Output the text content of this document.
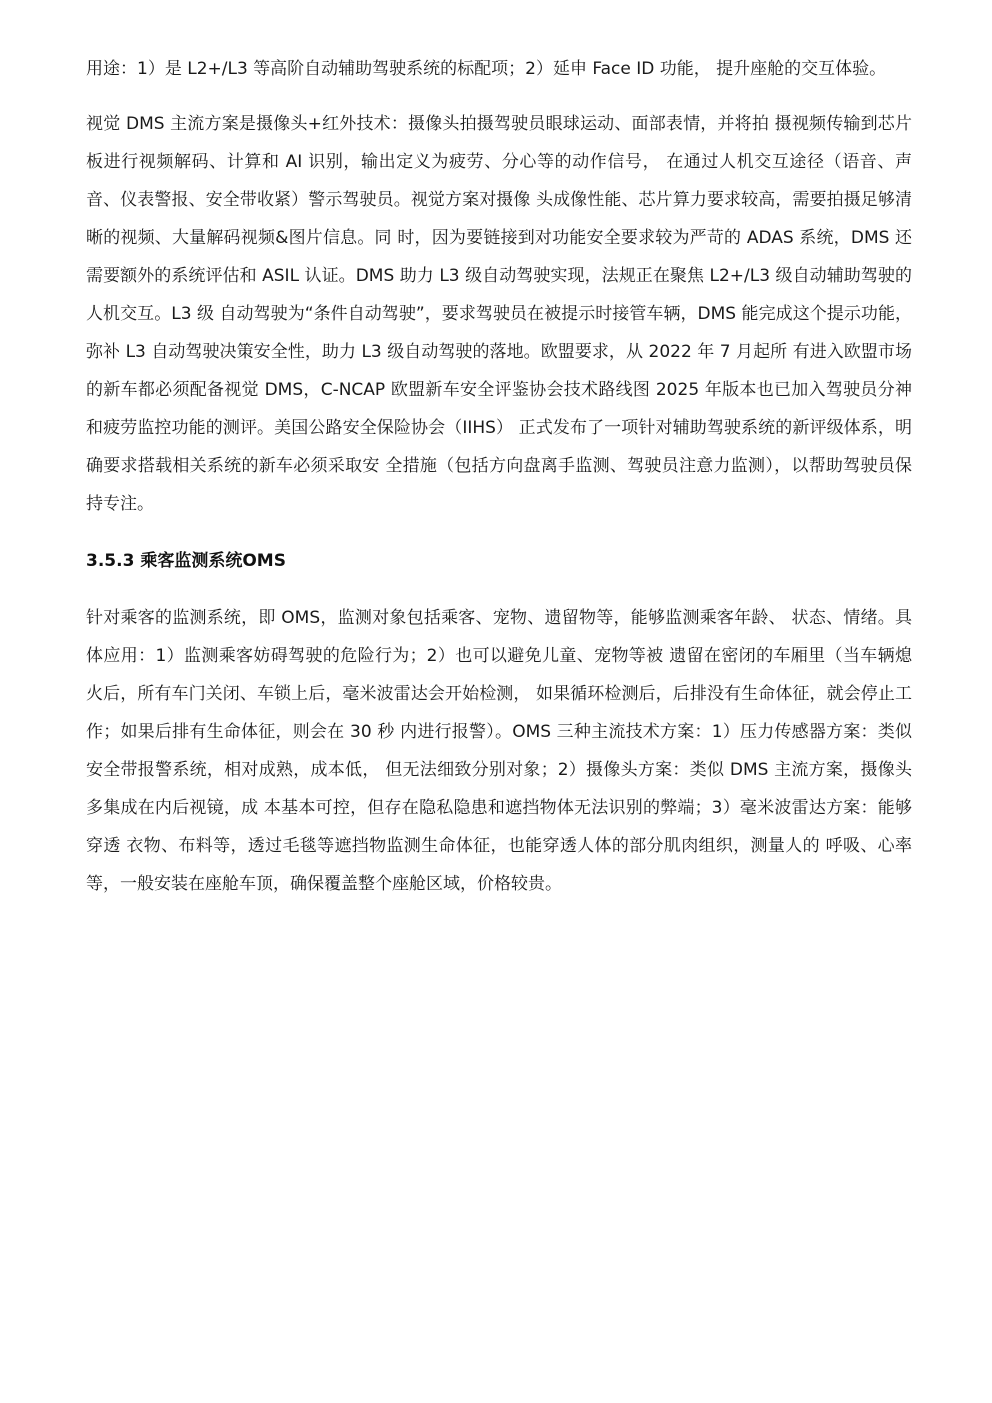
用途：1）是 L2+/L3 等高阶自动辅助驾驶系统的标配项；2）延申 Face ID 功能， 提升座舱的交互体验。

视觉 DMS 主流方案是摄像头+红外技术：摄像头拍摄驾驶员眼球运动、面部表情，并将拍 摄视频传输到芯片板进行视频解码、计算和 AI 识别，输出定义为疲劳、分心等的动作信号， 在通过人机交互途径（语音、声音、仪表警报、安全带收紧）警示驾驶员。视觉方案对摄像 头成像性能、芯片算力要求较高，需要拍摄足够清晰的视频、大量解码视频&图片信息。同 时，因为要链接到对功能安全要求较为严苛的 ADAS 系统，DMS 还需要额外的系统评估和 ASIL 认证。DMS 助力 L3 级自动驾驶实现，法规正在聚焦 L2+/L3 级自动辅助驾驶的人机交互。L3 级 自动驾驶为“条件自动驾驶”，要求驾驶员在被提示时接管车辆，DMS 能完成这个提示功能， 弥补 L3 自动驾驶决策安全性，助力 L3 级自动驾驶的落地。欧盟要求，从 2022 年 7 月起所 有进入欧盟市场的新车都必须配备视觉 DMS，C-NCAP 欧盟新车安全评鉴协会技术路线图 2025 年版本也已加入驾驶员分神和疲劳监控功能的测评。美国公路安全保险协会（IIHS） 正式发布了一项针对辅助驾驶系统的新评级体系，明确要求搭载相关系统的新车必须采取安 全措施（包括方向盘离手监测、驾驶员注意力监测），以帮助驾驶员保持专注。

3.5.3 乘客监测系统OMS

针对乘客的监测系统，即 OMS，监测对象包括乘客、宠物、遗留物等，能够监测乘客年龄、 状态、情绪。具体应用：1）监测乘客妨碍驾驶的危险行为；2）也可以避免儿童、宠物等被 遗留在密闭的车厢里（当车辆熄火后，所有车门关闭、车锁上后，毫米波雷达会开始检测， 如果循环检测后，后排没有生命体征，就会停止工作；如果后排有生命体征，则会在 30 秒 内进行报警）。OMS 三种主流技术方案：1）压力传感器方案：类似安全带报警系统，相对成熟，成本低， 但无法细致分别对象；2）摄像头方案：类似 DMS 主流方案，摄像头多集成在内后视镜，成 本基本可控，但存在隐私隐患和遮挡物体无法识别的弊端；3）毫米波雷达方案：能够穿透 衣物、布料等，透过毛毯等遮挡物监测生命体征，也能穿透人体的部分肌肉组织，测量人的 呼吸、心率等，一般安装在座舱车顶，确保覆盖整个座舱区域，价格较贵。
